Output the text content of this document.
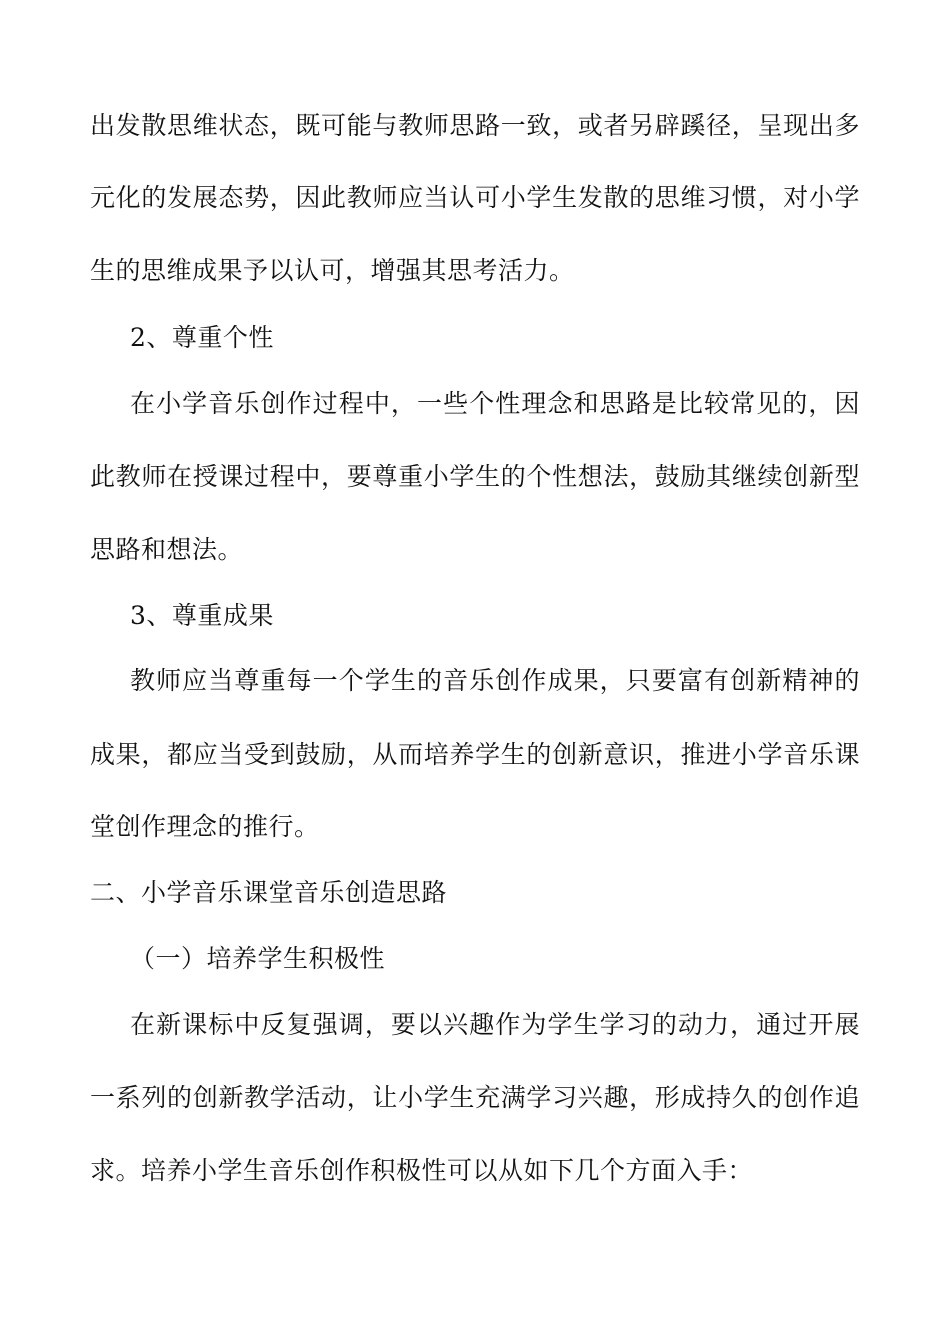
出发散思维状态，既可能与教师思路一致，或者另辟蹊径，呈现出多
元化的发展态势，因此教师应当认可小学生发散的思维习惯，对小学
生的思维成果予以认可，增强其思考活力。
2、尊重个性
在小学音乐创作过程中，一些个性理念和思路是比较常见的，因
此教师在授课过程中，要尊重小学生的个性想法，鼓励其继续创新型
思路和想法。
3、尊重成果
教师应当尊重每一个学生的音乐创作成果，只要富有创新精神的
成果，都应当受到鼓励，从而培养学生的创新意识，推进小学音乐课
堂创作理念的推行。
二、小学音乐课堂音乐创造思路
（一）培养学生积极性
在新课标中反复强调，要以兴趣作为学生学习的动力，通过开展
一系列的创新教学活动，让小学生充满学习兴趣，形成持久的创作追
求。培养小学生音乐创作积极性可以从如下几个方面入手：
